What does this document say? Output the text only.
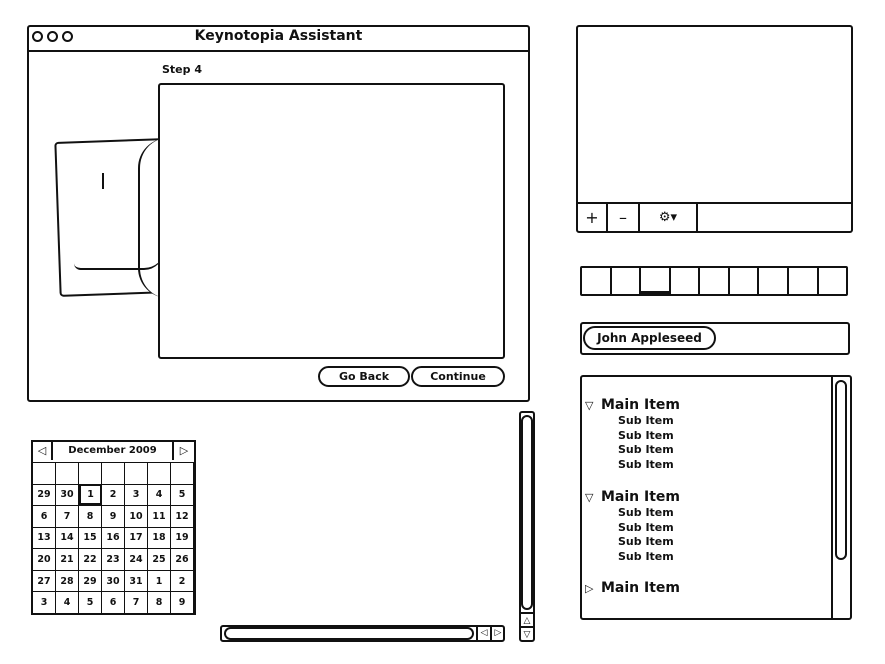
Keynotopia Assistant
Step 4
Go Back	Continue
+	–	⚙▾
John Appleseed
▽ Main Item
Sub Item
Sub Item
Sub Item
Sub Item
▽ Main Item
Sub Item
Sub Item
Sub Item
Sub Item
▷ Main Item
◁	December 2009	▷
29	30	1	2	3	4	5
6	7	8	9	10	11	12
13	14	15	16	17	18	19
20	21	22	23	24	25	26
27	28	29	30	31	1	2
3	4	5	6	7	8	9
◁ ▷
△
▽
